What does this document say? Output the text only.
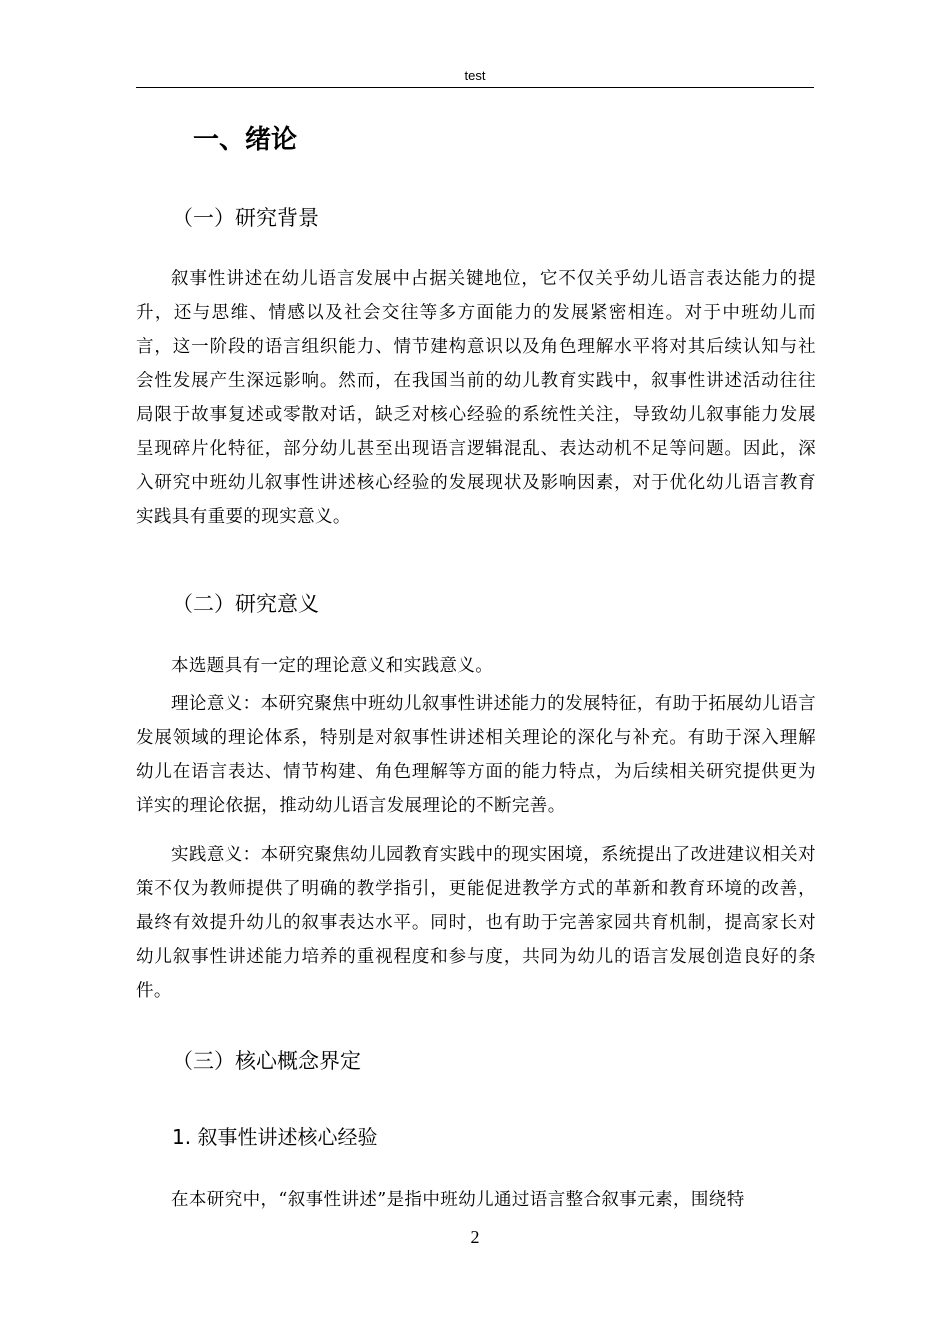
test
一、绪论
（一）研究背景
叙事性讲述在幼儿语言发展中占据关键地位，它不仅关乎幼儿语言表达能力的提升，还与思维、情感以及社会交往等多方面能力的发展紧密相连。对于中班幼儿而言，这一阶段的语言组织能力、情节建构意识以及角色理解水平将对其后续认知与社会性发展产生深远影响。然而，在我国当前的幼儿教育实践中，叙事性讲述活动往往局限于故事复述或零散对话，缺乏对核心经验的系统性关注，导致幼儿叙事能力发展呈现碎片化特征，部分幼儿甚至出现语言逻辑混乱、表达动机不足等问题。因此，深入研究中班幼儿叙事性讲述核心经验的发展现状及影响因素，对于优化幼儿语言教育实践具有重要的现实意义。
（二）研究意义
本选题具有一定的理论意义和实践意义。
理论意义：本研究聚焦中班幼儿叙事性讲述能力的发展特征，有助于拓展幼儿语言发展领域的理论体系，特别是对叙事性讲述相关理论的深化与补充。有助于深入理解幼儿在语言表达、情节构建、角色理解等方面的能力特点，为后续相关研究提供更为详实的理论依据，推动幼儿语言发展理论的不断完善。
实践意义：本研究聚焦幼儿园教育实践中的现实困境，系统提出了改进建议相关对策不仅为教师提供了明确的教学指引，更能促进教学方式的革新和教育环境的改善，最终有效提升幼儿的叙事表达水平。同时，也有助于完善家园共育机制，提高家长对幼儿叙事性讲述能力培养的重视程度和参与度，共同为幼儿的语言发展创造良好的条件。
（三）核心概念界定
1. 叙事性讲述核心经验
在本研究中，“叙事性讲述”是指中班幼儿通过语言整合叙事元素，围绕特
2
